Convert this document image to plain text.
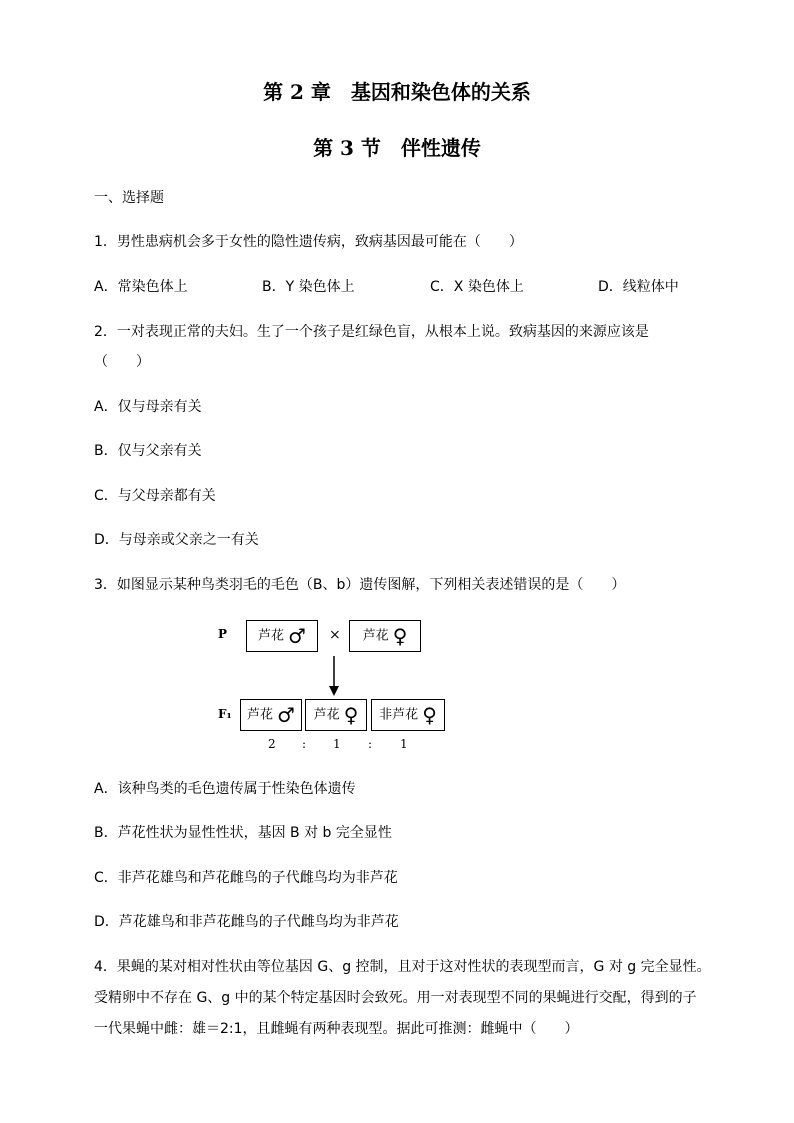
第 2 章　基因和染色体的关系
第 3 节　伴性遗传
一、选择题
1．男性患病机会多于女性的隐性遗传病，致病基因最可能在（　　）
A．常染色体上	B．Y 染色体上	C．X 染色体上	D．线粒体中
2．一对表现正常的夫妇。生了一个孩子是红绿色盲，从根本上说。致病基因的来源应该是
（　　）
A．仅与母亲有关
B．仅与父亲有关
C．与父母亲都有关
D．与母亲或父亲之一有关
3．如图显示某种鸟类羽毛的毛色（B、b）遗传图解，下列相关表述错误的是（　　）
P	芦花 ♂	×	芦花 ♀
F₁	芦花 ♂	芦花 ♀	非芦花 ♀
2 : 1 : 1
A．该种鸟类的毛色遗传属于性染色体遗传
B．芦花性状为显性性状，基因 B 对 b 完全显性
C．非芦花雄鸟和芦花雌鸟的子代雌鸟均为非芦花
D．芦花雄鸟和非芦花雌鸟的子代雌鸟均为非芦花
4．果蝇的某对相对性状由等位基因 G、g 控制，且对于这对性状的表现型而言，G 对 g 完全显性。
受精卵中不存在 G、g 中的某个特定基因时会致死。用一对表现型不同的果蝇进行交配，得到的子
一代果蝇中雌：雄＝2:1，且雌蝇有两种表现型。据此可推测：雌蝇中（　　）
